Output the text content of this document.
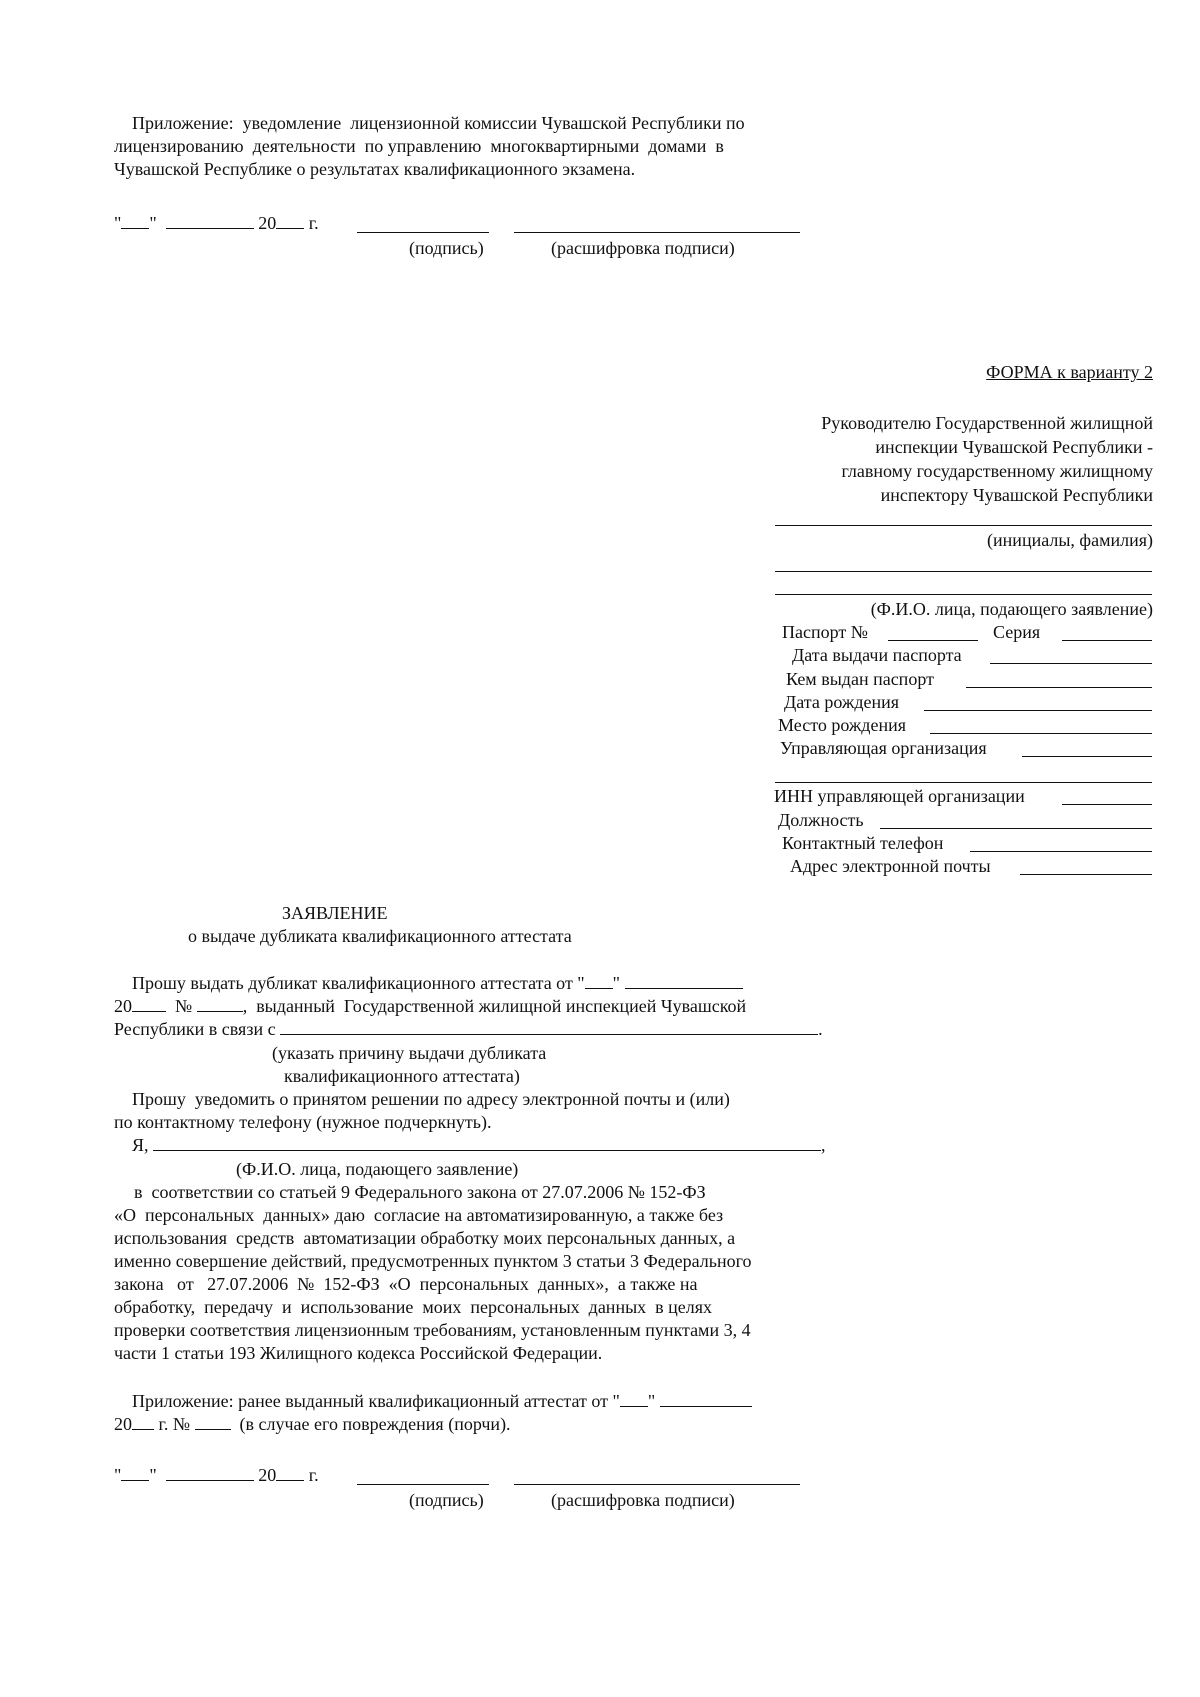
Приложение:  уведомление  лицензионной комиссии Чувашской Республики по
лицензированию  деятельности  по управлению  многоквартирными  домами  в
Чувашской Республике о результатах квалификационного экзамена.
" "	20 г.
(подпись)	(расшифровка подписи)
ФОРМА к варианту 2
Руководителю Государственной жилищной
инспекции Чувашской Республики -
главному государственному жилищному
инспектору Чувашской Республики
(инициалы, фамилия)
(Ф.И.О. лица, подающего заявление)
Паспорт №	Серия
Дата выдачи паспорта
Кем выдан паспорт
Дата рождения
Место рождения
Управляющая организация
ИНН управляющей организации
Должность
Контактный телефон
Адрес электронной почты
ЗАЯВЛЕНИЕ
о выдаче дубликата квалификационного аттестата
Прошу выдать дубликат квалификационного аттестата от " "
20 №	,  выданный  Государственной жилищной инспекцией Чувашской
Республики в связи с	.
(указать причину выдачи дубликата
квалификационного аттестата)
Прошу  уведомить о принятом решении по адресу электронной почты и (или)
по контактному телефону (нужное подчеркнуть).
Я,	,
(Ф.И.О. лица, подающего заявление)
в  соответствии со статьей 9 Федерального закона от 27.07.2006 № 152-ФЗ
«О  персональных  данных» даю  согласие на автоматизированную, а также без
использования  средств  автоматизации обработку моих персональных данных, а
именно совершение действий, предусмотренных пунктом 3 статьи 3 Федерального
закона   от   27.07.2006  №  152-ФЗ  «О  персональных  данных»,  а также на
обработку,  передачу  и  использование  моих  персональных  данных  в целях
проверки соответствия лицензионным требованиям, установленным пунктами 3, 4
части 1 статьи 193 Жилищного кодекса Российской Федерации.
Приложение: ранее выданный квалификационный аттестат от " "
20 г. №	(в случае его повреждения (порчи).
" "	20 г.
(подпись)	(расшифровка подписи)
